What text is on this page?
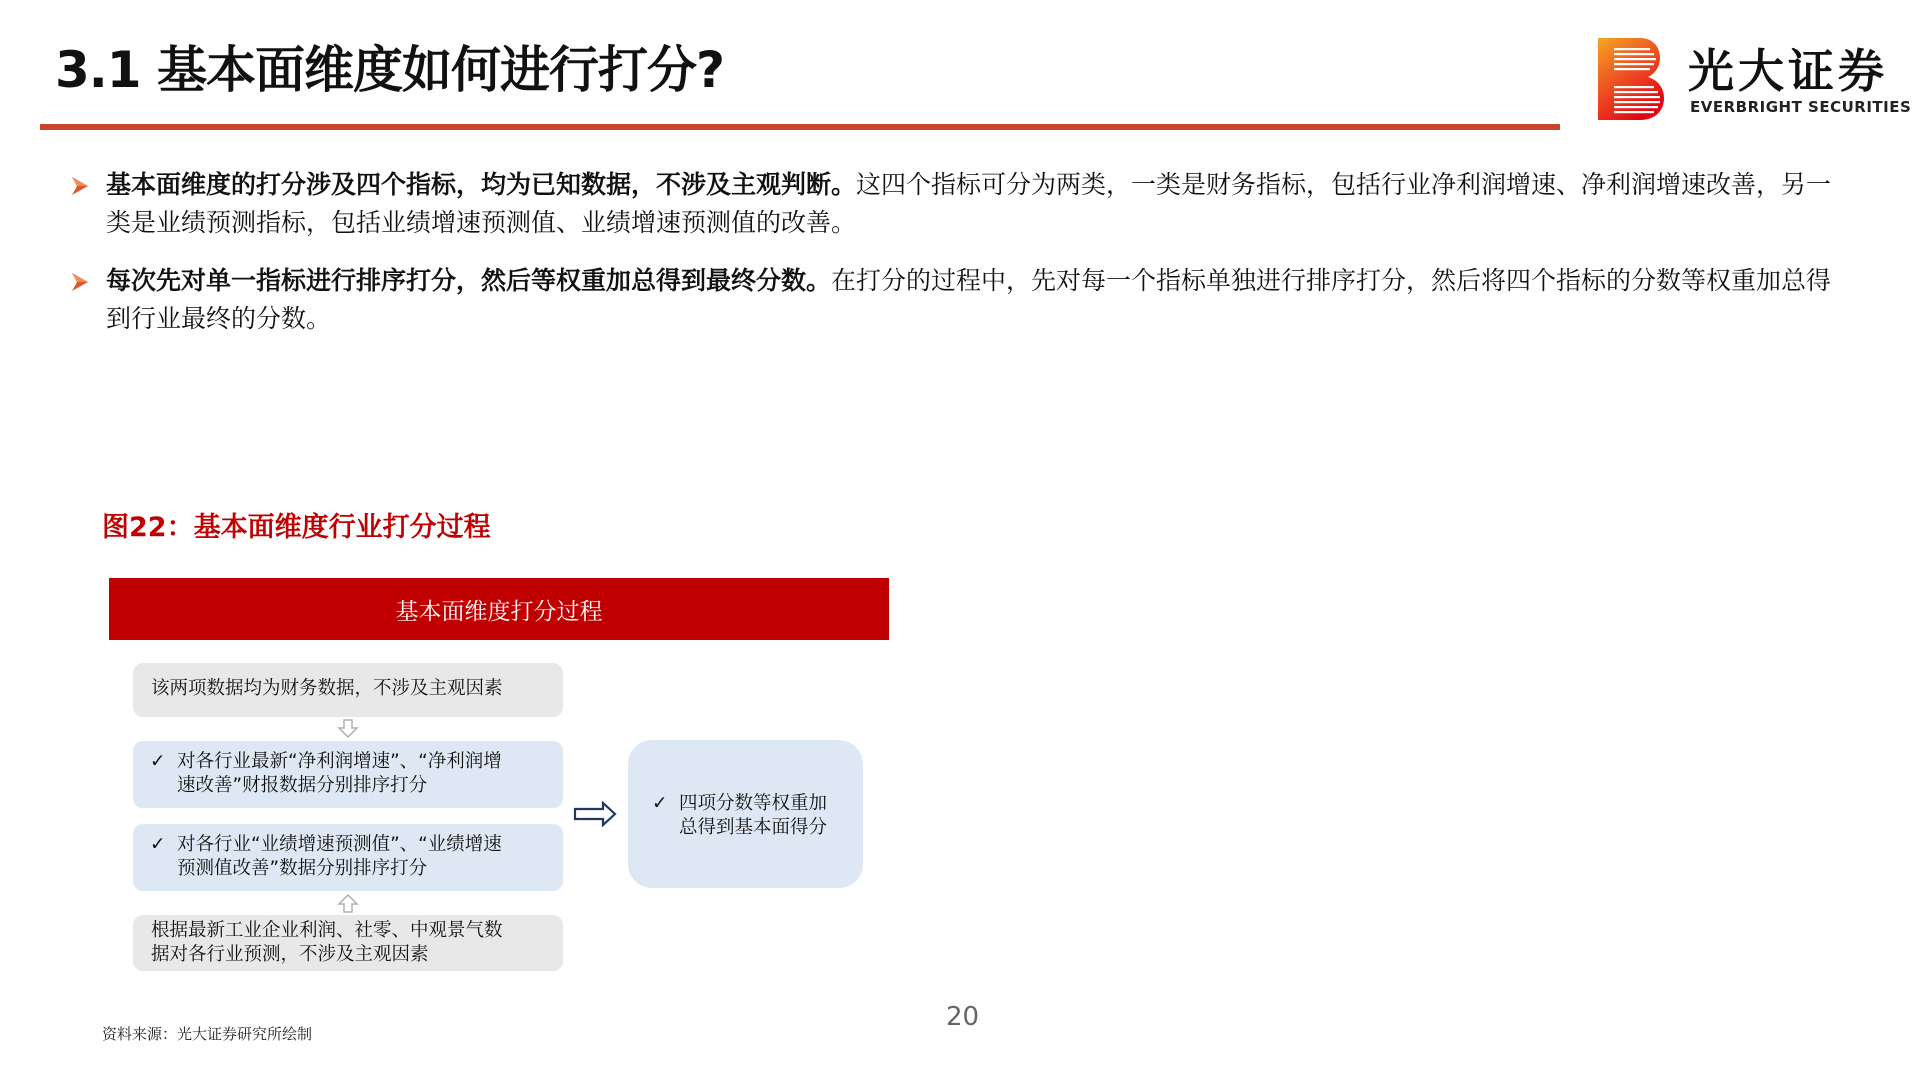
3.1 基本面维度如何进行打分?	光大证券
EVERBRIGHT SECURITIES
基本面维度的打分涉及四个指标，均为已知数据，不涉及主观判断。这四个指标可分为两类，一类是财务指标，包括行业净利润增速、净利润增速改善，另一类是业绩预测指标，包括业绩增速预测值、业绩增速预测值的改善。
每次先对单一指标进行排序打分，然后等权重加总得到最终分数。在打分的过程中，先对每一个指标单独进行排序打分，然后将四个指标的分数等权重加总得到行业最终的分数。
图22：基本面维度行业打分过程
基本面维度打分过程
该两项数据均为财务数据，不涉及主观因素
✓ 对各行业最新“净利润增速”、“净利润增
速改善”财报数据分别排序打分
✓ 对各行业“业绩增速预测值”、“业绩增速
预测值改善”数据分别排序打分
根据最新工业企业利润、社零、中观景气数
据对各行业预测，不涉及主观因素
✓ 四项分数等权重加
总得到基本面得分
资料来源：光大证券研究所绘制
20
